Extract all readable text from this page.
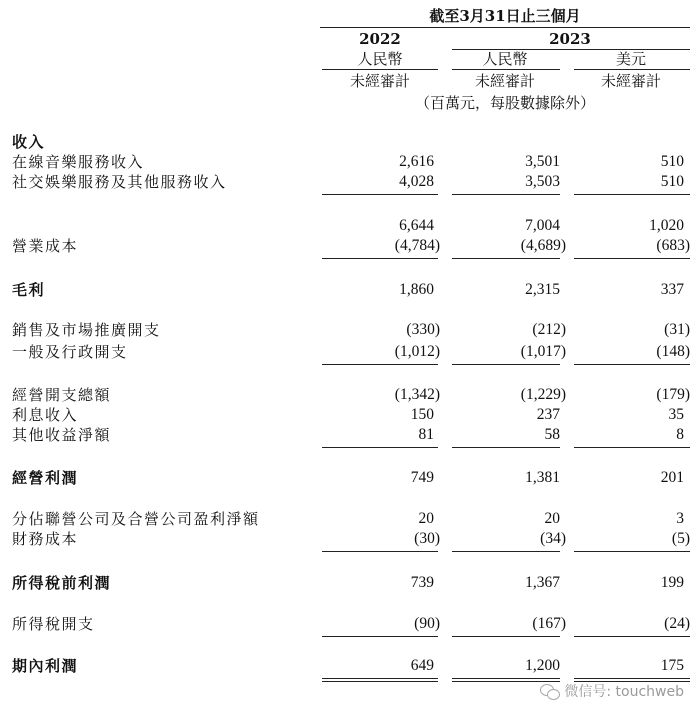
截至3月31日止三個月
2022	2023
人民幣	人民幣	美元
未經審計	未經審計	未經審計
（百萬元，每股數據除外）
收入
在線音樂服務收入	2,616	3,501	510
社交娛樂服務及其他服務收入	4,028	3,503	510
6,644	7,004	1,020
營業成本	(4,784)	(4,689)	(683)
毛利	1,860	2,315	337
銷售及市場推廣開支	(330)	(212)	(31)
一般及行政開支	(1,012)	(1,017)	(148)
經營開支總額	(1,342)	(1,229)	(179)
利息收入	150	237	35
其他收益淨額	81	58	8
經營利潤	749	1,381	201
分佔聯營公司及合營公司盈利淨額	20	20	3
財務成本	(30)	(34)	(5)
所得稅前利潤	739	1,367	199
所得稅開支	(90)	(167)	(24)
期內利潤	649	1,200	175
微信号: touchweb
